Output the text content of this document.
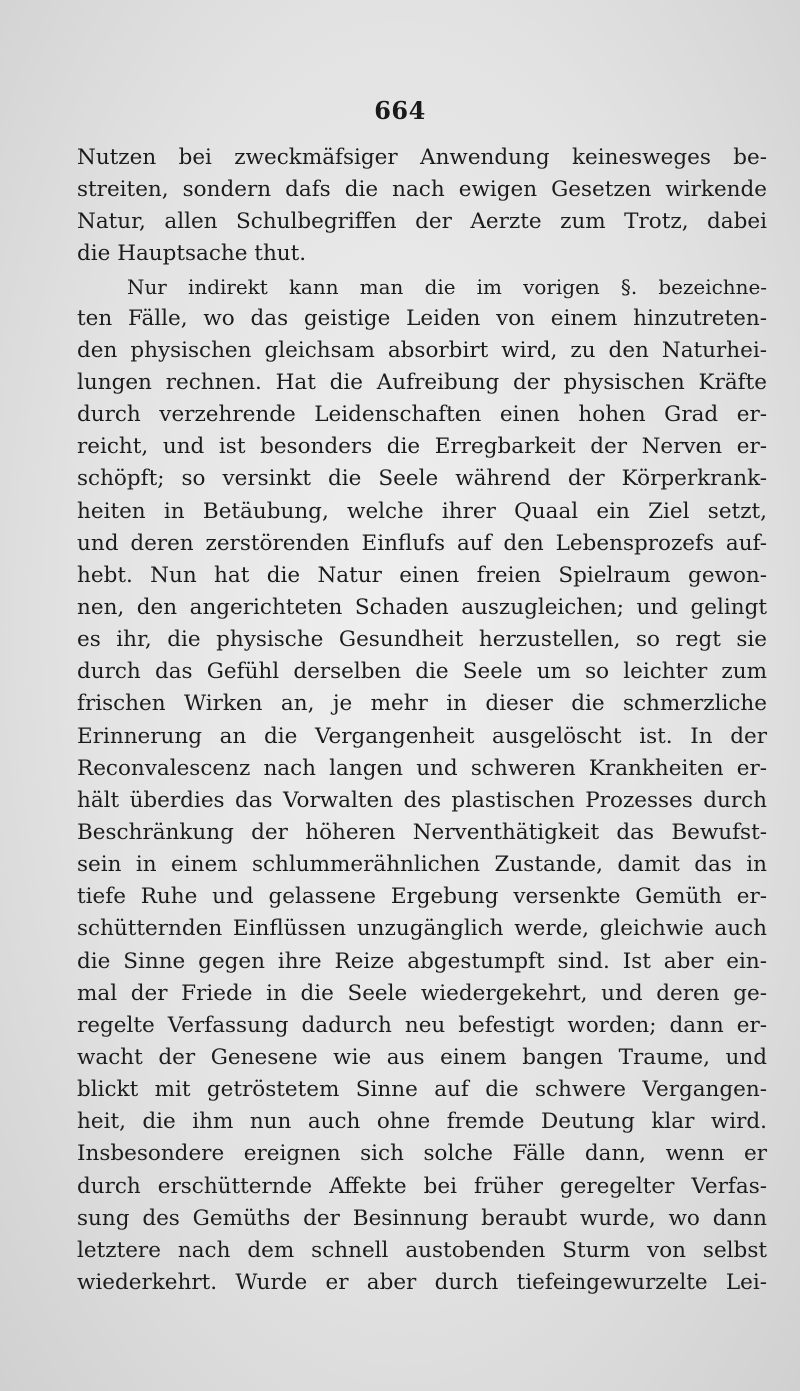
664
Nutzen bei zweckmäfsiger Anwendung keinesweges be-
streiten, sondern dafs die nach ewigen Gesetzen wirkende
Natur, allen Schulbegriffen der Aerzte zum Trotz, dabei
die Hauptsache thut.
Nur indirekt kann man die im vorigen §. bezeichne-
ten Fälle, wo das geistige Leiden von einem hinzutreten-
den physischen gleichsam absorbirt wird, zu den Naturhei-
lungen rechnen. Hat die Aufreibung der physischen Kräfte
durch verzehrende Leidenschaften einen hohen Grad er-
reicht, und ist besonders die Erregbarkeit der Nerven er-
schöpft; so versinkt die Seele während der Körperkrank-
heiten in Betäubung, welche ihrer Quaal ein Ziel setzt,
und deren zerstörenden Einflufs auf den Lebensprozefs auf-
hebt. Nun hat die Natur einen freien Spielraum gewon-
nen, den angerichteten Schaden auszugleichen; und gelingt
es ihr, die physische Gesundheit herzustellen, so regt sie
durch das Gefühl derselben die Seele um so leichter zum
frischen Wirken an, je mehr in dieser die schmerzliche
Erinnerung an die Vergangenheit ausgelöscht ist. In der
Reconvalescenz nach langen und schweren Krankheiten er-
hält überdies das Vorwalten des plastischen Prozesses durch
Beschränkung der höheren Nerventhätigkeit das Bewufst-
sein in einem schlummerähnlichen Zustande, damit das in
tiefe Ruhe und gelassene Ergebung versenkte Gemüth er-
schütternden Einflüssen unzugänglich werde, gleichwie auch
die Sinne gegen ihre Reize abgestumpft sind. Ist aber ein-
mal der Friede in die Seele wiedergekehrt, und deren ge-
regelte Verfassung dadurch neu befestigt worden; dann er-
wacht der Genesene wie aus einem bangen Traume, und
blickt mit getröstetem Sinne auf die schwere Vergangen-
heit, die ihm nun auch ohne fremde Deutung klar wird.
Insbesondere ereignen sich solche Fälle dann, wenn er
durch erschütternde Affekte bei früher geregelter Verfas-
sung des Gemüths der Besinnung beraubt wurde, wo dann
letztere nach dem schnell austobenden Sturm von selbst
wiederkehrt. Wurde er aber durch tiefeingewurzelte Lei-
